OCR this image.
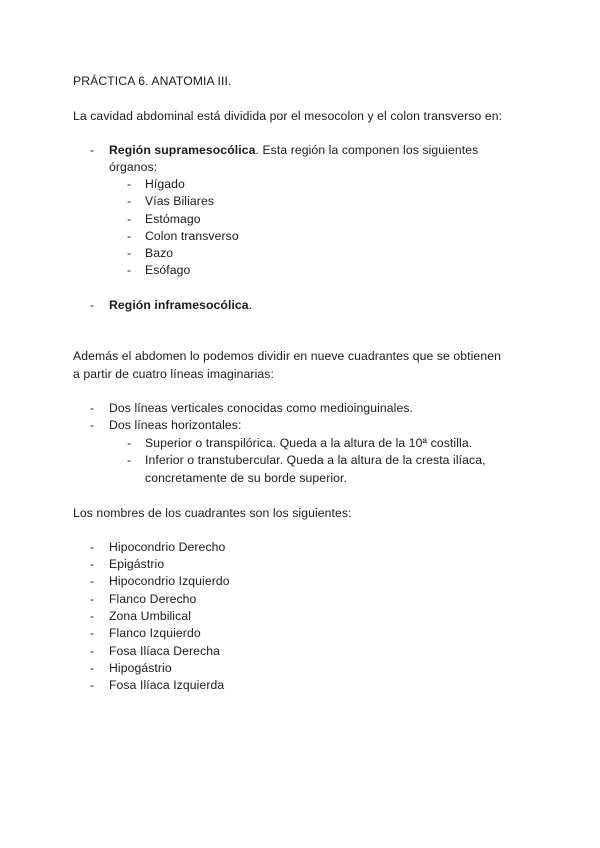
PRÁCTICA 6. ANATOMIA III.
La cavidad abdominal está dividida por el mesocolon y el colon transverso en:
- Región supramesocólica. Esta región la componen los siguientes
órganos:
- Hígado
- Vías Biliares
- Estómago
- Colon transverso
- Bazo
- Esófago
- Región inframesocólica.
Además el abdomen lo podemos dividir en nueve cuadrantes que se obtienen
a partir de cuatro líneas imaginarias:
- Dos líneas verticales conocidas como medioinguinales.
- Dos líneas horizontales:
- Superior o transpilórica. Queda a la altura de la 10ª costilla.
- Inferior o transtubercular. Queda a la altura de la cresta ilíaca,
concretamente de su borde superior.
Los nombres de los cuadrantes son los siguientes:
- Hipocondrio Derecho
- Epigástrio
- Hipocondrio Izquierdo
- Flanco Derecho
- Zona Umbilical
- Flanco Izquierdo
- Fosa Ilíaca Derecha
- Hipogástrio
- Fosa Ilíaca Izquierda
